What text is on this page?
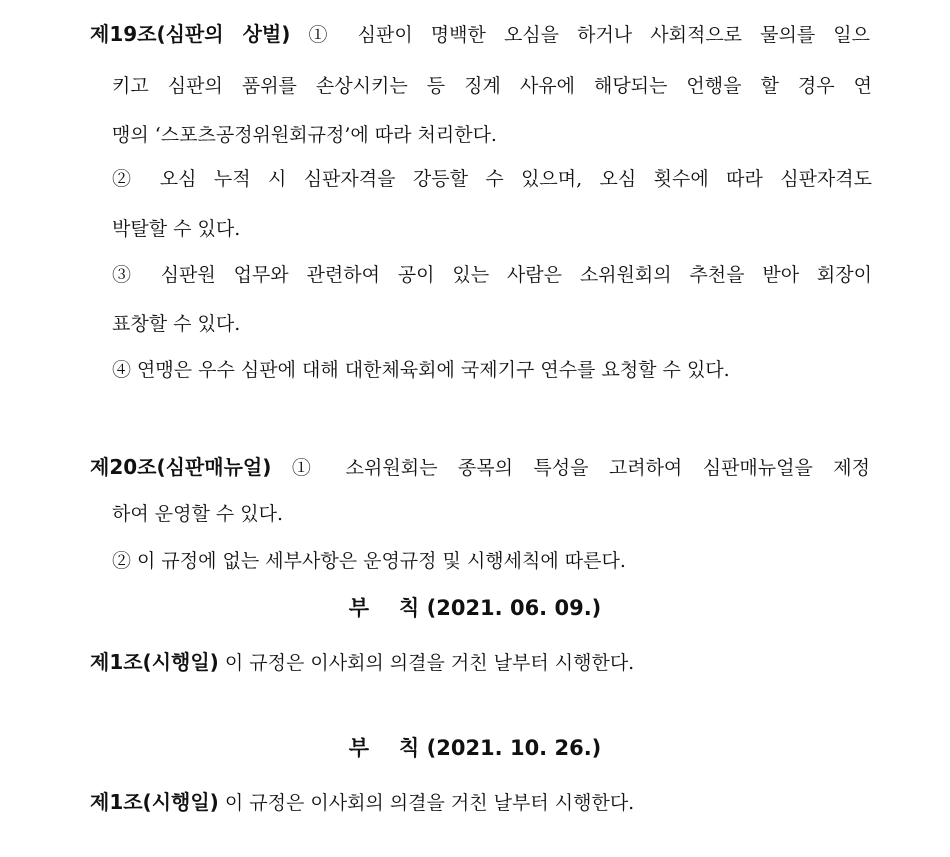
제19조(심판의 상벌) ① 심판이 명백한 오심을 하거나 사회적으로 물의를 일으
키고 심판의 품위를 손상시키는 등 징계 사유에 해당되는 언행을 할 경우 연
맹의 ‘스포츠공정위원회규정’에 따라 처리한다.
② 오심 누적 시 심판자격을 강등할 수 있으며, 오심 횟수에 따라 심판자격도
박탈할 수 있다.
③ 심판원 업무와 관련하여 공이 있는 사람은 소위원회의 추천을 받아 회장이
표창할 수 있다.
④ 연맹은 우수 심판에 대해 대한체육회에 국제기구 연수를 요청할 수 있다.
제20조(심판매뉴얼) ① 소위원회는 종목의 특성을 고려하여 심판매뉴얼을 제정
하여 운영할 수 있다.
② 이 규정에 없는 세부사항은 운영규정 및 시행세칙에 따른다.
부 칙 (2021. 06. 09.)
제1조(시행일) 이 규정은 이사회의 의결을 거친 날부터 시행한다.
부 칙 (2021. 10. 26.)
제1조(시행일) 이 규정은 이사회의 의결을 거친 날부터 시행한다.
